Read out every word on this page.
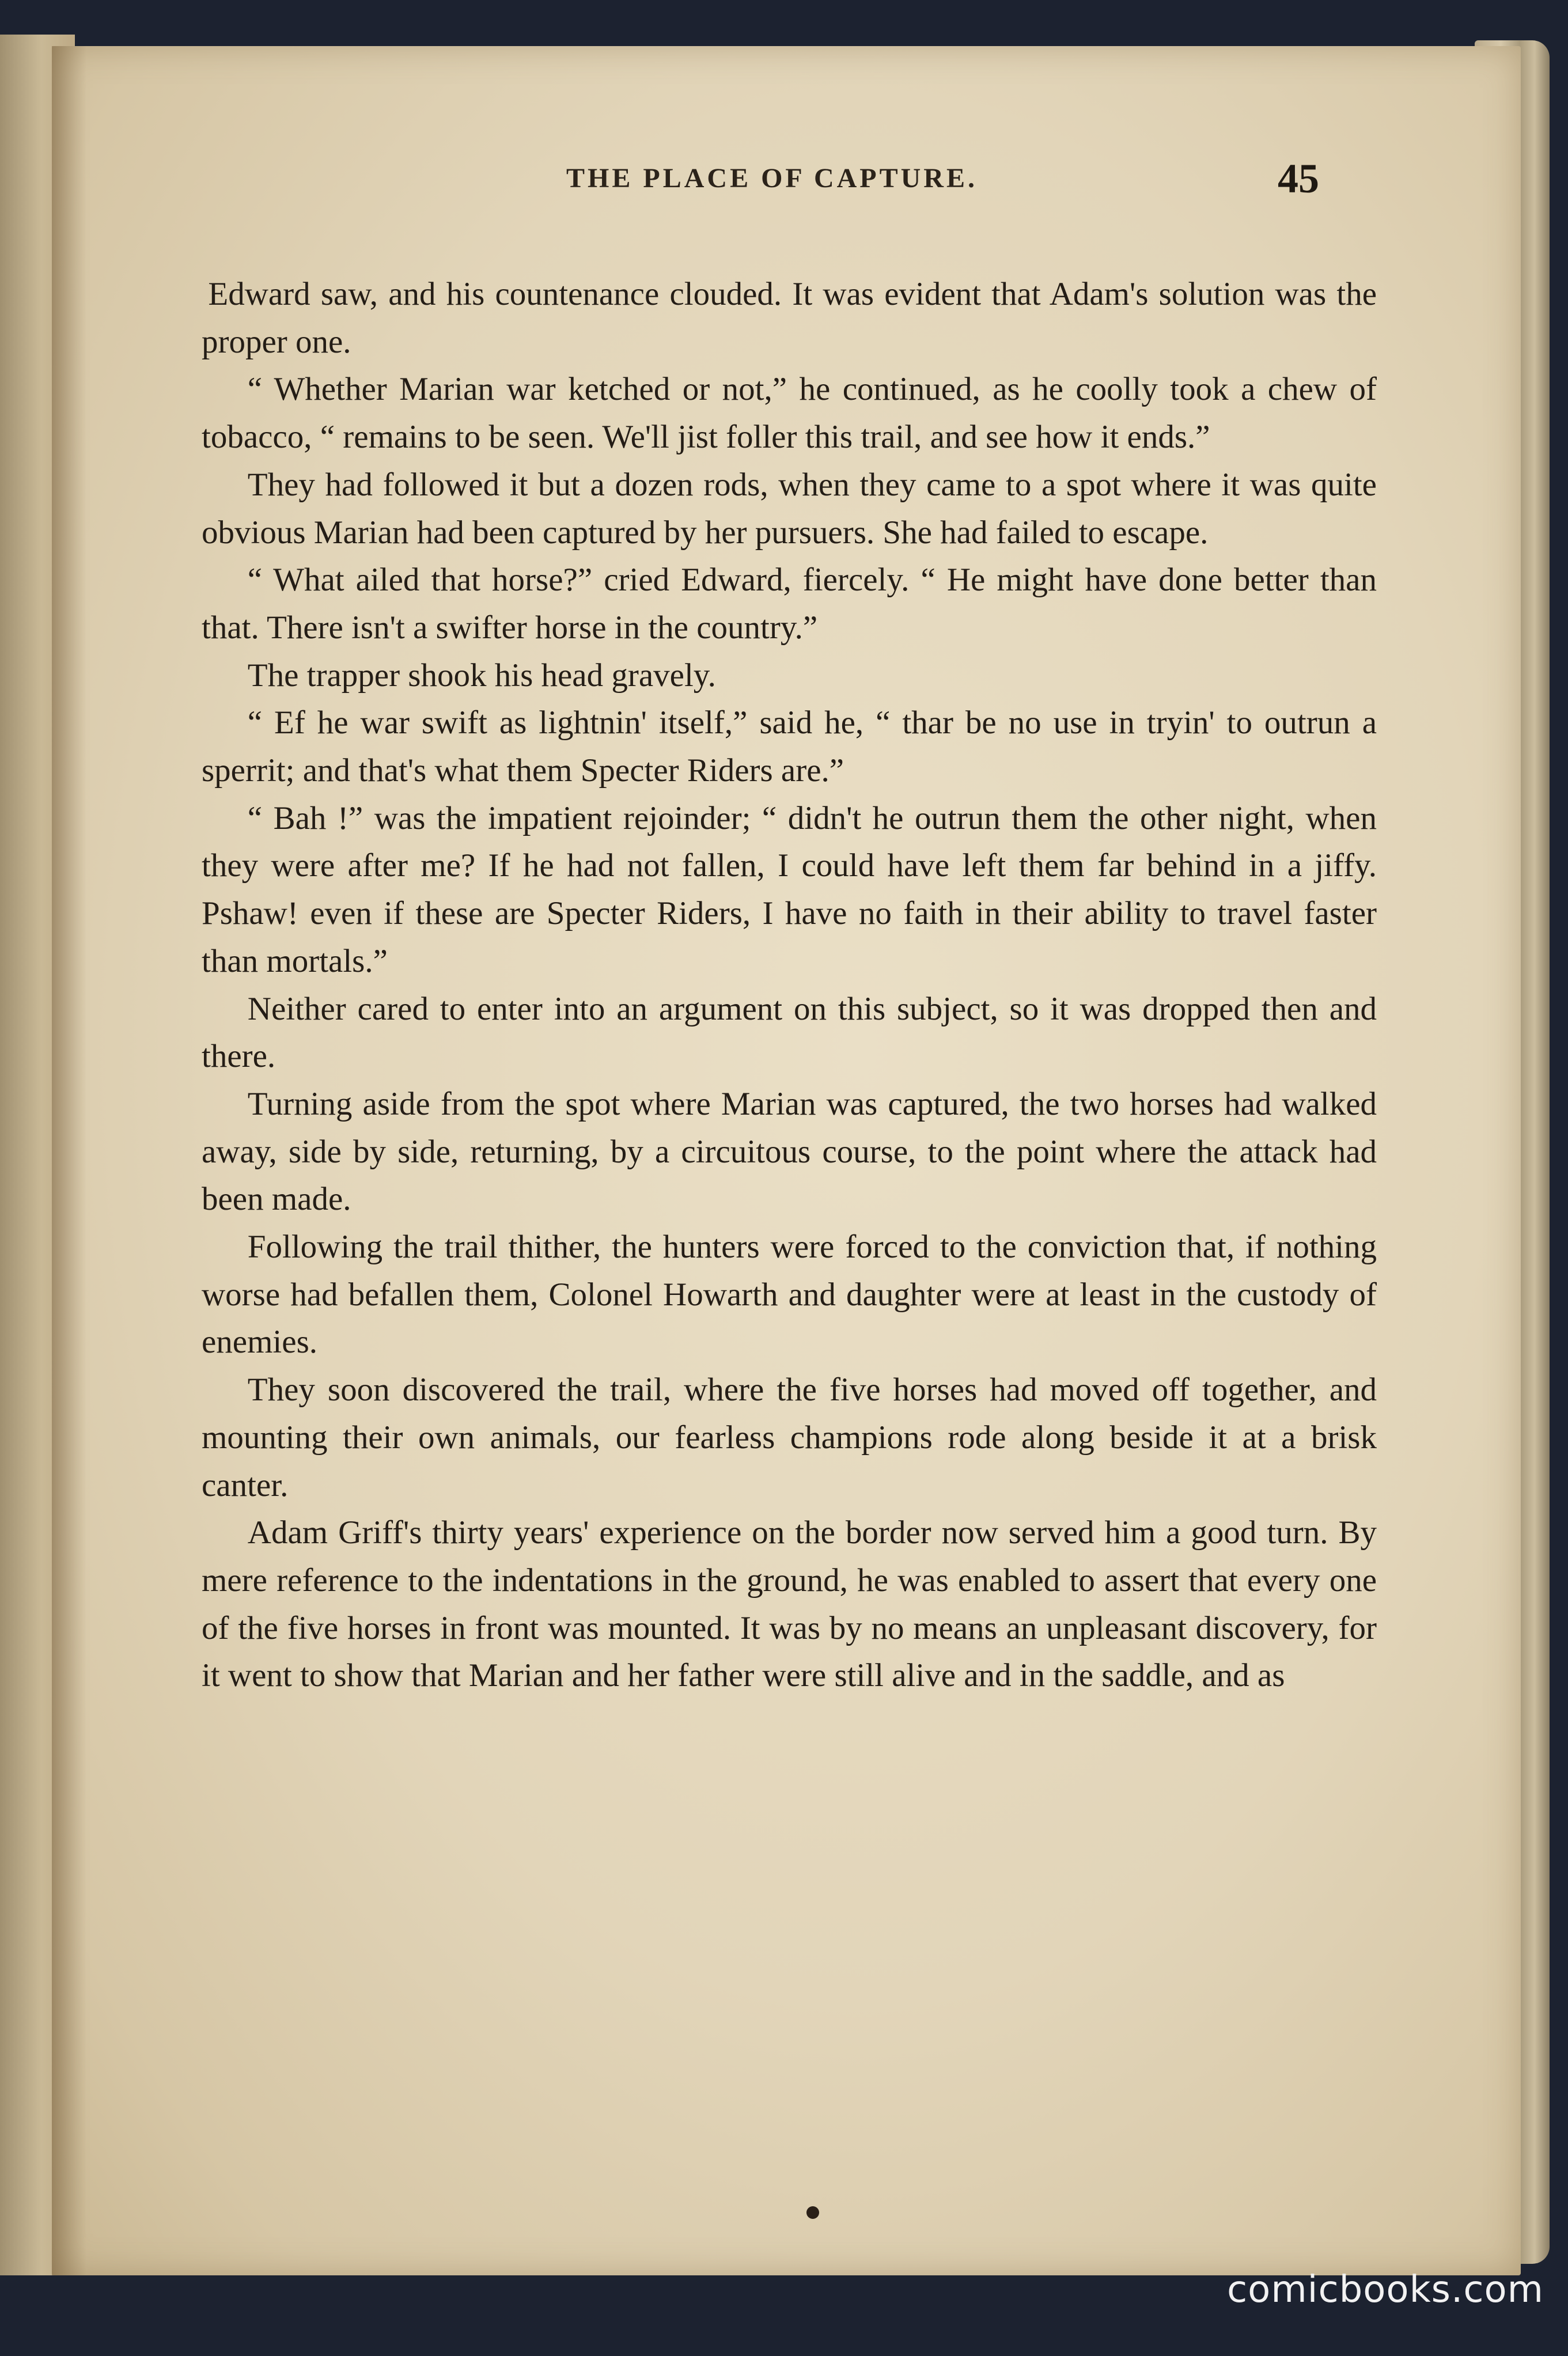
THE PLACE OF CAPTURE.	45

Edward saw, and his countenance clouded. It was evident that Adam's solution was the proper one.

“ Whether Marian war ketched or not,” he continued, as he coolly took a chew of tobacco, “ remains to be seen. We'll jist foller this trail, and see how it ends.”

They had followed it but a dozen rods, when they came to a spot where it was quite obvious Marian had been captured by her pursuers. She had failed to escape.

“ What ailed that horse?” cried Edward, fiercely. “ He might have done better than that. There isn't a swifter horse in the country.”

The trapper shook his head gravely.

“ Ef he war swift as lightnin' itself,” said he, “ thar be no use in tryin' to outrun a sperrit; and that's what them Specter Riders are.”

“ Bah !” was the impatient rejoinder; “ didn't he outrun them the other night, when they were after me? If he had not fallen, I could have left them far behind in a jiffy. Pshaw! even if these are Specter Riders, I have no faith in their ability to travel faster than mortals.”

Neither cared to enter into an argument on this subject, so it was dropped then and there.

Turning aside from the spot where Marian was captured, the two horses had walked away, side by side, returning, by a circuitous course, to the point where the attack had been made.

Following the trail thither, the hunters were forced to the conviction that, if nothing worse had befallen them, Colonel Howarth and daughter were at least in the custody of enemies.

They soon discovered the trail, where the five horses had moved off together, and mounting their own animals, our fearless champions rode along beside it at a brisk canter.

Adam Griff's thirty years' experience on the border now served him a good turn. By mere reference to the indentations in the ground, he was enabled to assert that every one of the five horses in front was mounted. It was by no means an unpleasant discovery, for it went to show that Marian and her father were still alive and in the saddle, and as

comicbooks.com
